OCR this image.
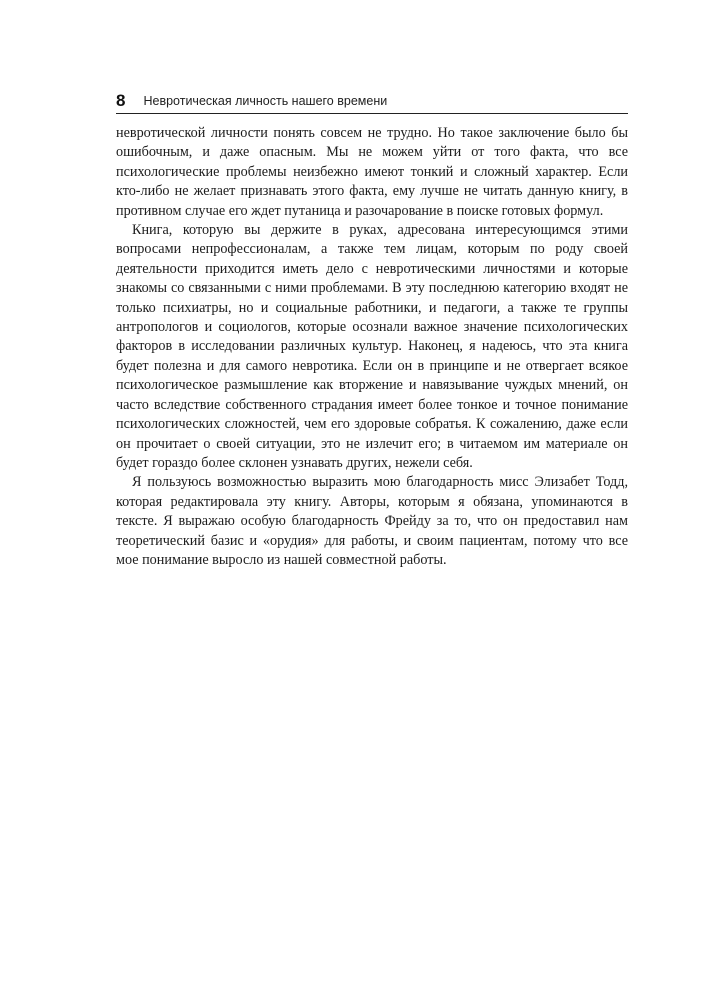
8 Невротическая личность нашего времени

невротической личности понять совсем не трудно. Но такое заключение было бы ошибочным, и даже опасным. Мы не можем уйти от того факта, что все психологические проблемы неизбежно имеют тонкий и сложный характер. Если кто-либо не желает признавать этого факта, ему лучше не читать данную книгу, в противном случае его ждет путаница и разочарование в поиске готовых формул.

Книга, которую вы держите в руках, адресована интересующимся этими вопросами непрофессионалам, а также тем лицам, которым по роду своей деятельности приходится иметь дело с невротическими личностями и которые знакомы со связанными с ними проблемами. В эту последнюю категорию входят не только психиатры, но и социальные работники, и педагоги, а также те группы антропологов и социологов, которые осознали важное значение психологических факторов в исследовании различных культур. Наконец, я надеюсь, что эта книга будет полезна и для самого невротика. Если он в принципе и не отвергает всякое психологическое размышление как вторжение и навязывание чуждых мнений, он часто вследствие собственного страдания имеет более тонкое и точное понимание психологических сложностей, чем его здоровые собратья. К сожалению, даже если он прочитает о своей ситуации, это не излечит его; в читаемом им материале он будет гораздо более склонен узнавать других, нежели себя.

Я пользуюсь возможностью выразить мою благодарность мисс Элизабет Тодд, которая редактировала эту книгу. Авторы, которым я обязана, упоминаются в тексте. Я выражаю особую благодарность Фрейду за то, что он предоставил нам теоретический базис и «орудия» для работы, и своим пациентам, потому что все мое понимание выросло из нашей совместной работы.
